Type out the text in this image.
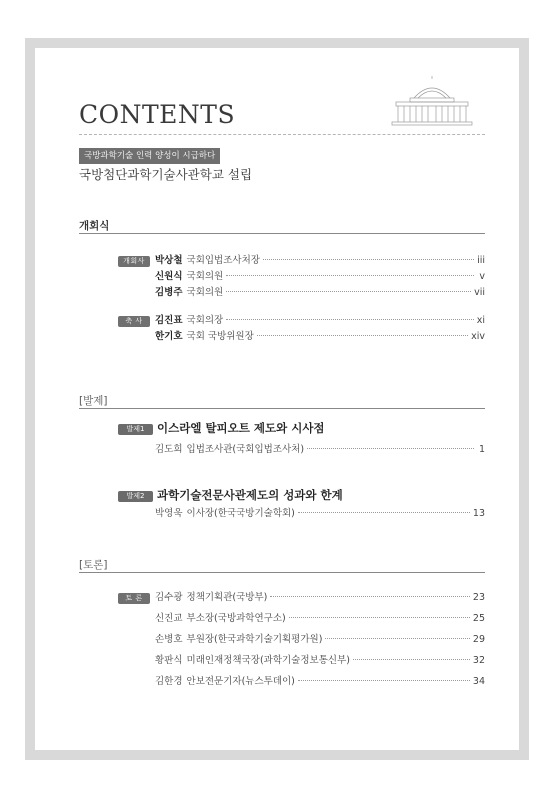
CONTENTS
국방과학기술 인력 양성이 시급하다
국방첨단과학기술사관학교 설립
개회식
개회사	박상철 국회입법조사처장	iii
신원식 국회의원	v
김병주 국회의원	vii
축 사	김진표 국회의장	xi
한기호 국회 국방위원장	xiv
[발제]
발제1	이스라엘 탈피오트 제도와 시사점
김도희 입법조사관(국회입법조사처)	1
발제2	과학기술전문사관제도의 성과와 한계
박영욱 이사장(한국국방기술학회)	13
[토론]
토 론	김수광 정책기획관(국방부)	23
신진교 부소장(국방과학연구소)	25
손병호 부원장(한국과학기술기획평가원)	29
황판식 미래인재정책국장(과학기술정보통신부)	32
김한경 안보전문기자(뉴스투데이)	34
